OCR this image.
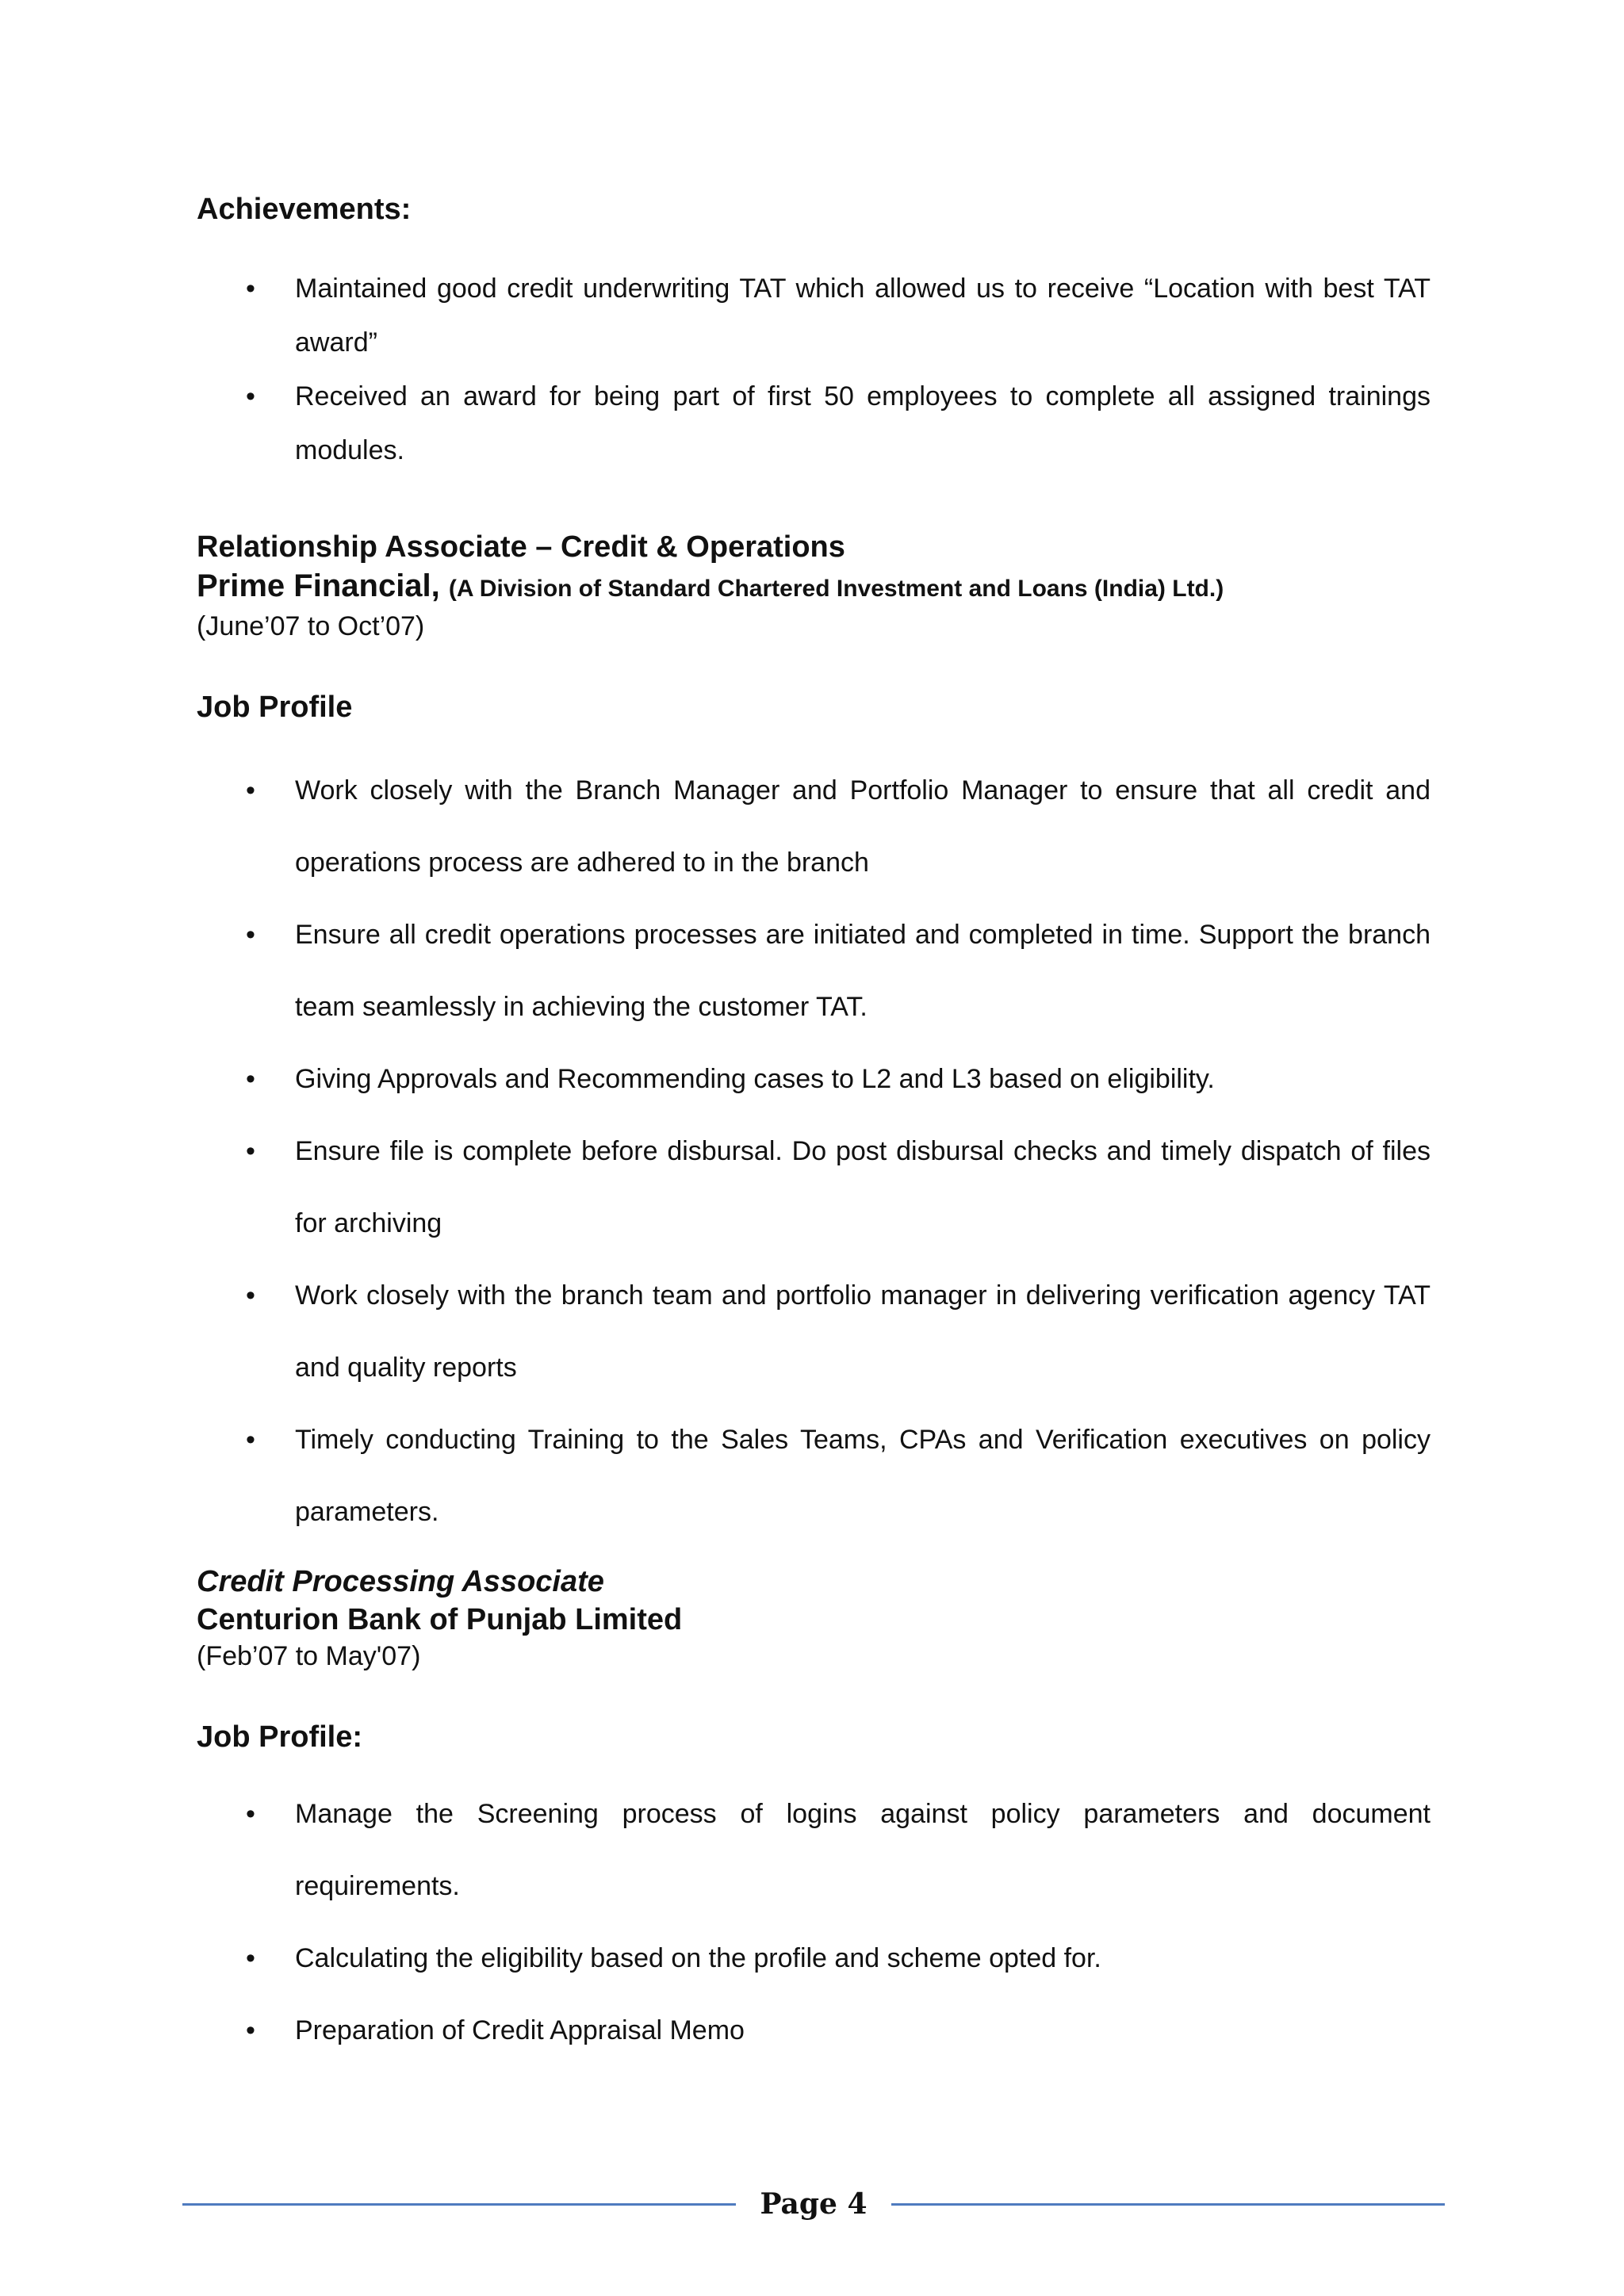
Achievements:

• Maintained good credit underwriting TAT which allowed us to receive “Location with best TAT award”
• Received an award for being part of first 50 employees to complete all assigned trainings modules.

Relationship Associate – Credit & Operations

Prime Financial, (A Division of Standard Chartered Investment and Loans (India) Ltd.)

(June’07 to Oct’07)

Job Profile

• Work closely with the Branch Manager and Portfolio Manager to ensure that all credit and operations process are adhered to in the branch
• Ensure all credit operations processes are initiated and completed in time. Support the branch team seamlessly in achieving the customer TAT.
• Giving Approvals and Recommending cases to L2 and L3 based on eligibility.
• Ensure file is complete before disbursal. Do post disbursal checks and timely dispatch of files for archiving
• Work closely with the branch team and portfolio manager in delivering verification agency TAT and quality reports
• Timely conducting Training to the Sales Teams, CPAs and Verification executives on policy parameters.

Credit Processing Associate

Centurion Bank of Punjab Limited

(Feb’07 to May'07)

Job Profile:

• Manage the Screening process of logins against policy parameters and document requirements.
• Calculating the eligibility based on the profile and scheme opted for.
• Preparation of Credit Appraisal Memo
Page 4
